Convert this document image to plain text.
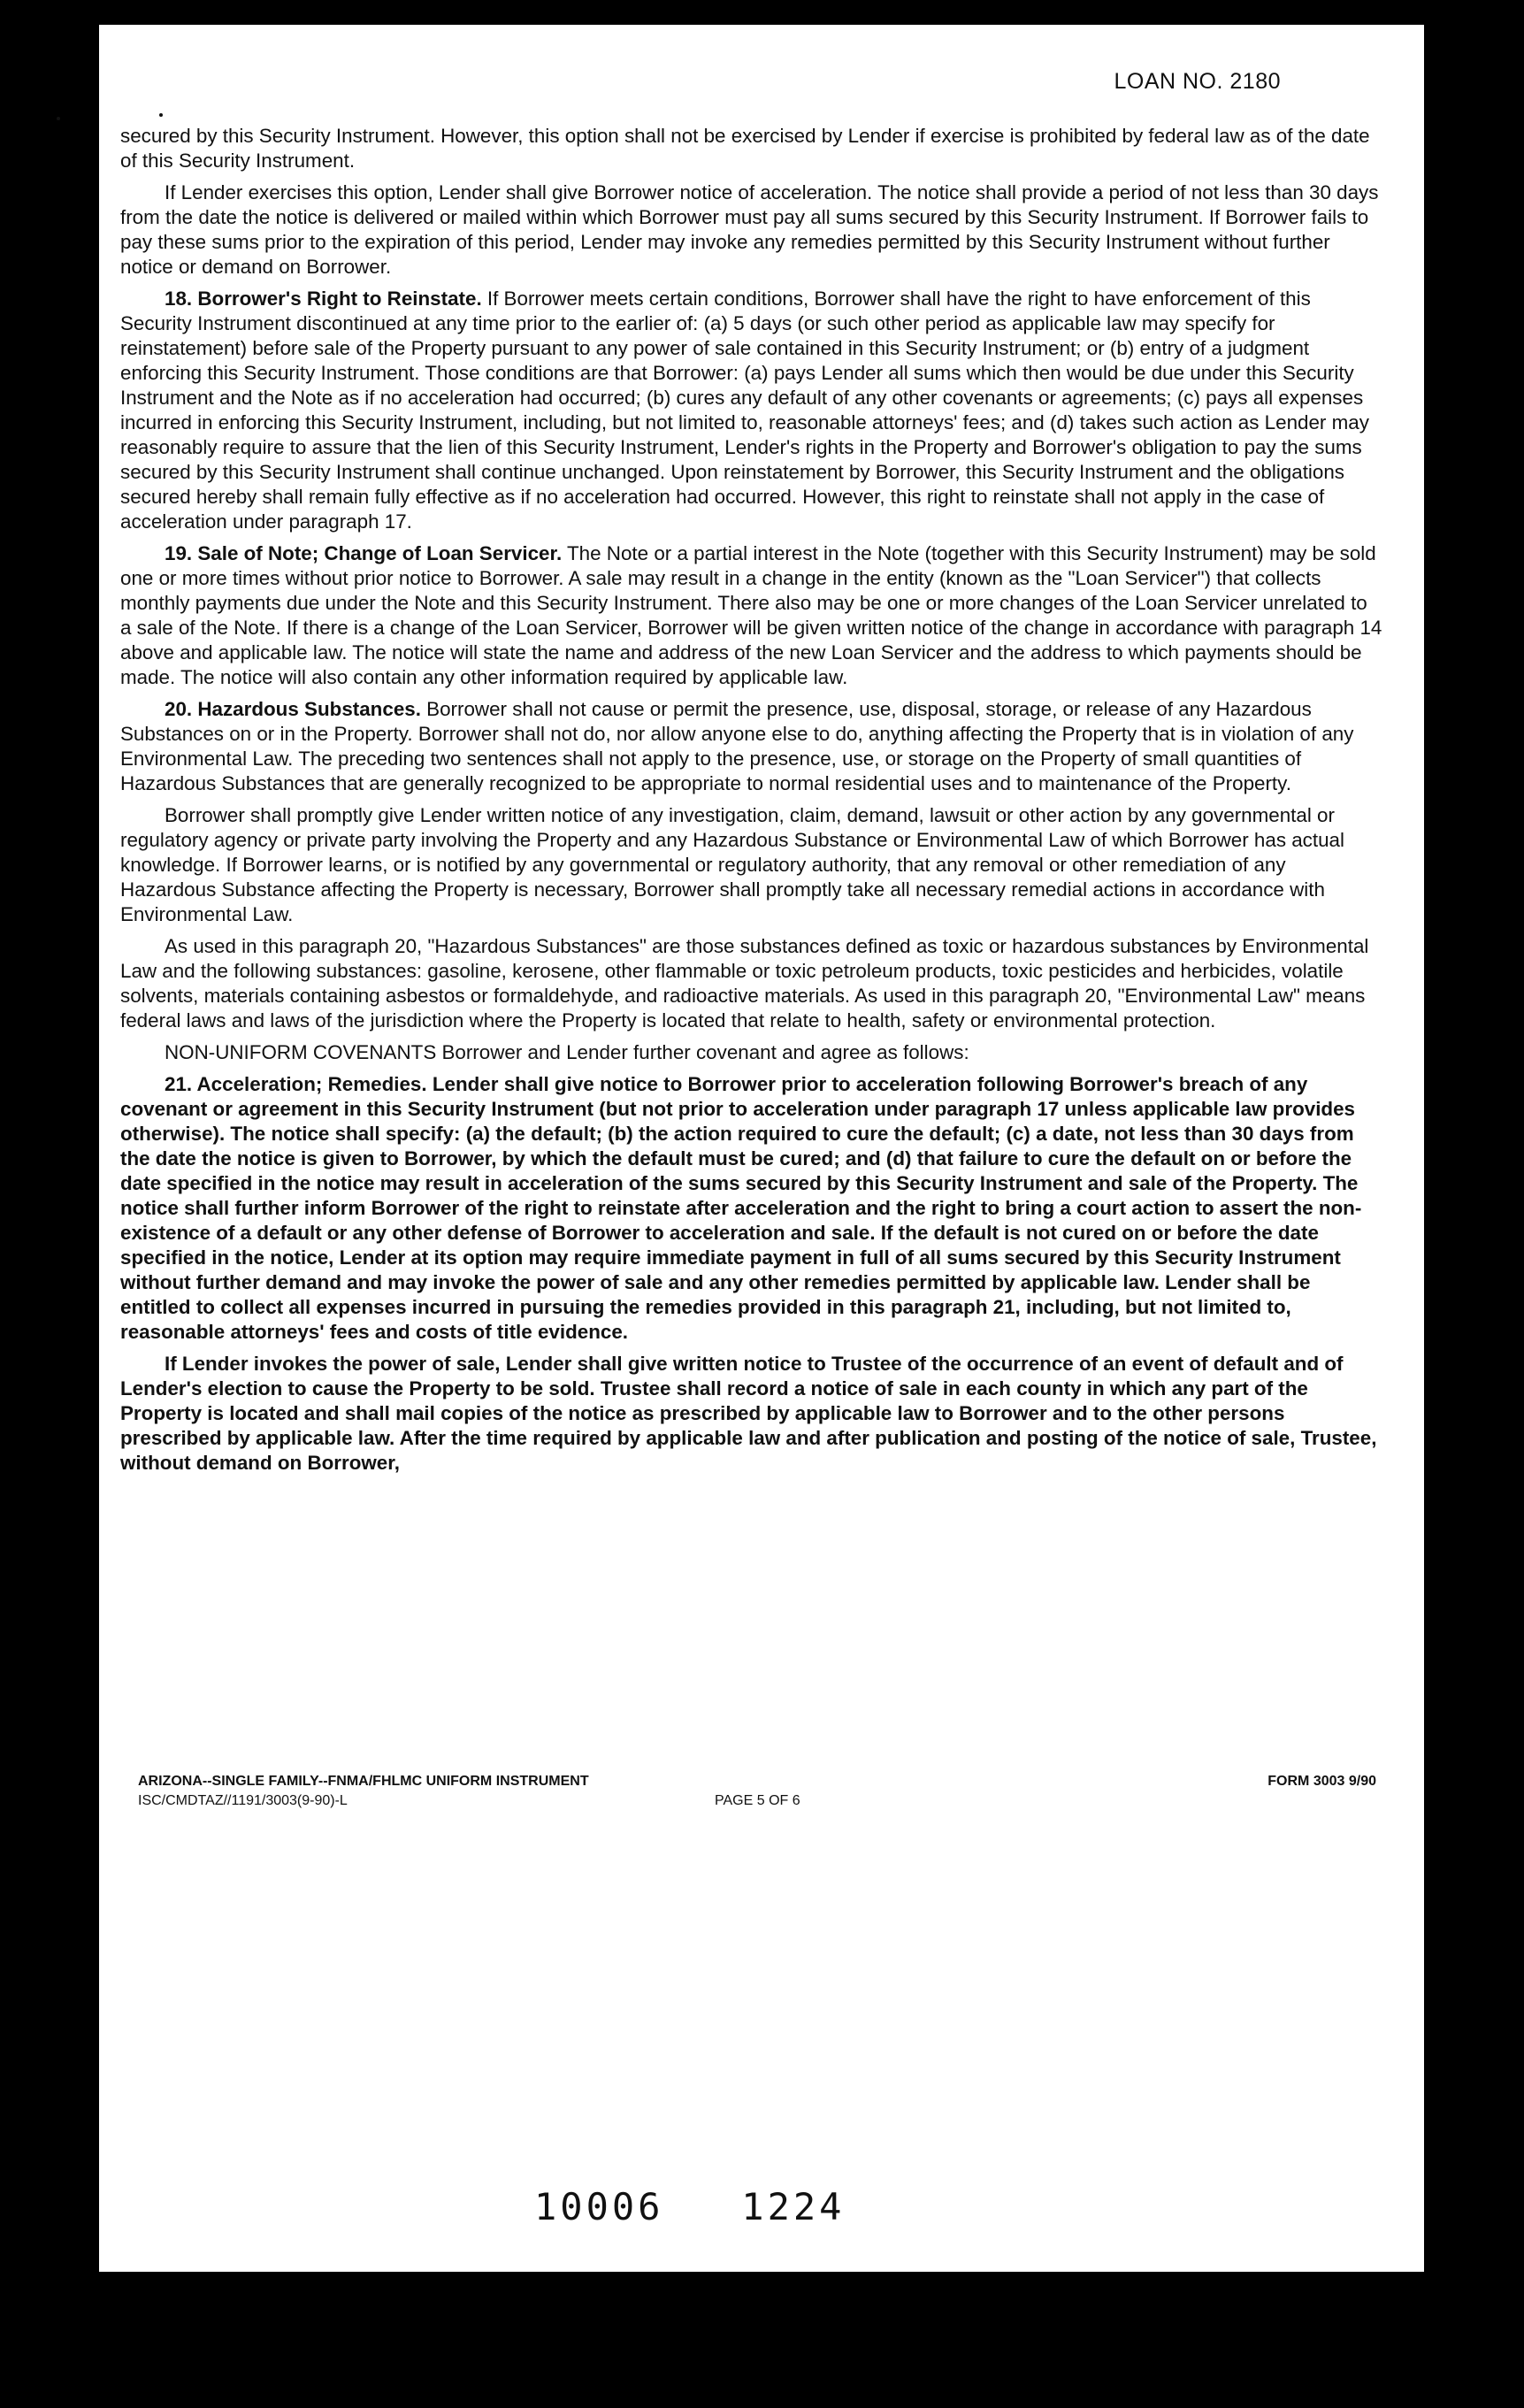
LOAN NO. 2180

secured by this Security Instrument. However, this option shall not be exercised by Lender if exercise is prohibited by federal law as of the date of this Security Instrument.

If Lender exercises this option, Lender shall give Borrower notice of acceleration. The notice shall provide a period of not less than 30 days from the date the notice is delivered or mailed within which Borrower must pay all sums secured by this Security Instrument. If Borrower fails to pay these sums prior to the expiration of this period, Lender may invoke any remedies permitted by this Security Instrument without further notice or demand on Borrower.

18. Borrower's Right to Reinstate. If Borrower meets certain conditions, Borrower shall have the right to have enforcement of this Security Instrument discontinued at any time prior to the earlier of: (a) 5 days (or such other period as applicable law may specify for reinstatement) before sale of the Property pursuant to any power of sale contained in this Security Instrument; or (b) entry of a judgment enforcing this Security Instrument. Those conditions are that Borrower: (a) pays Lender all sums which then would be due under this Security Instrument and the Note as if no acceleration had occurred; (b) cures any default of any other covenants or agreements; (c) pays all expenses incurred in enforcing this Security Instrument, including, but not limited to, reasonable attorneys' fees; and (d) takes such action as Lender may reasonably require to assure that the lien of this Security Instrument, Lender's rights in the Property and Borrower's obligation to pay the sums secured by this Security Instrument shall continue unchanged. Upon reinstatement by Borrower, this Security Instrument and the obligations secured hereby shall remain fully effective as if no acceleration had occurred. However, this right to reinstate shall not apply in the case of acceleration under paragraph 17.

19. Sale of Note; Change of Loan Servicer. The Note or a partial interest in the Note (together with this Security Instrument) may be sold one or more times without prior notice to Borrower. A sale may result in a change in the entity (known as the "Loan Servicer") that collects monthly payments due under the Note and this Security Instrument. There also may be one or more changes of the Loan Servicer unrelated to a sale of the Note. If there is a change of the Loan Servicer, Borrower will be given written notice of the change in accordance with paragraph 14 above and applicable law. The notice will state the name and address of the new Loan Servicer and the address to which payments should be made. The notice will also contain any other information required by applicable law.

20. Hazardous Substances. Borrower shall not cause or permit the presence, use, disposal, storage, or release of any Hazardous Substances on or in the Property. Borrower shall not do, nor allow anyone else to do, anything affecting the Property that is in violation of any Environmental Law. The preceding two sentences shall not apply to the presence, use, or storage on the Property of small quantities of Hazardous Substances that are generally recognized to be appropriate to normal residential uses and to maintenance of the Property.

Borrower shall promptly give Lender written notice of any investigation, claim, demand, lawsuit or other action by any governmental or regulatory agency or private party involving the Property and any Hazardous Substance or Environmental Law of which Borrower has actual knowledge. If Borrower learns, or is notified by any governmental or regulatory authority, that any removal or other remediation of any Hazardous Substance affecting the Property is necessary, Borrower shall promptly take all necessary remedial actions in accordance with Environmental Law.

As used in this paragraph 20, "Hazardous Substances" are those substances defined as toxic or hazardous substances by Environmental Law and the following substances: gasoline, kerosene, other flammable or toxic petroleum products, toxic pesticides and herbicides, volatile solvents, materials containing asbestos or formaldehyde, and radioactive materials. As used in this paragraph 20, "Environmental Law" means federal laws and laws of the jurisdiction where the Property is located that relate to health, safety or environmental protection.

NON-UNIFORM COVENANTS Borrower and Lender further covenant and agree as follows:

21. Acceleration; Remedies. Lender shall give notice to Borrower prior to acceleration following Borrower's breach of any covenant or agreement in this Security Instrument (but not prior to acceleration under paragraph 17 unless applicable law provides otherwise). The notice shall specify: (a) the default; (b) the action required to cure the default; (c) a date, not less than 30 days from the date the notice is given to Borrower, by which the default must be cured; and (d) that failure to cure the default on or before the date specified in the notice may result in acceleration of the sums secured by this Security Instrument and sale of the Property. The notice shall further inform Borrower of the right to reinstate after acceleration and the right to bring a court action to assert the non-existence of a default or any other defense of Borrower to acceleration and sale. If the default is not cured on or before the date specified in the notice, Lender at its option may require immediate payment in full of all sums secured by this Security Instrument without further demand and may invoke the power of sale and any other remedies permitted by applicable law. Lender shall be entitled to collect all expenses incurred in pursuing the remedies provided in this paragraph 21, including, but not limited to, reasonable attorneys' fees and costs of title evidence.

If Lender invokes the power of sale, Lender shall give written notice to Trustee of the occurrence of an event of default and of Lender's election to cause the Property to be sold. Trustee shall record a notice of sale in each county in which any part of the Property is located and shall mail copies of the notice as prescribed by applicable law to Borrower and to the other persons prescribed by applicable law. After the time required by applicable law and after publication and posting of the notice of sale, Trustee, without demand on Borrower,

ARIZONA--SINGLE FAMILY--FNMA/FHLMC UNIFORM INSTRUMENT
ISC/CMDTAZ//1191/3003(9-90)-L	PAGE 5 OF 6
FORM 3003 9/90
10006   1224
